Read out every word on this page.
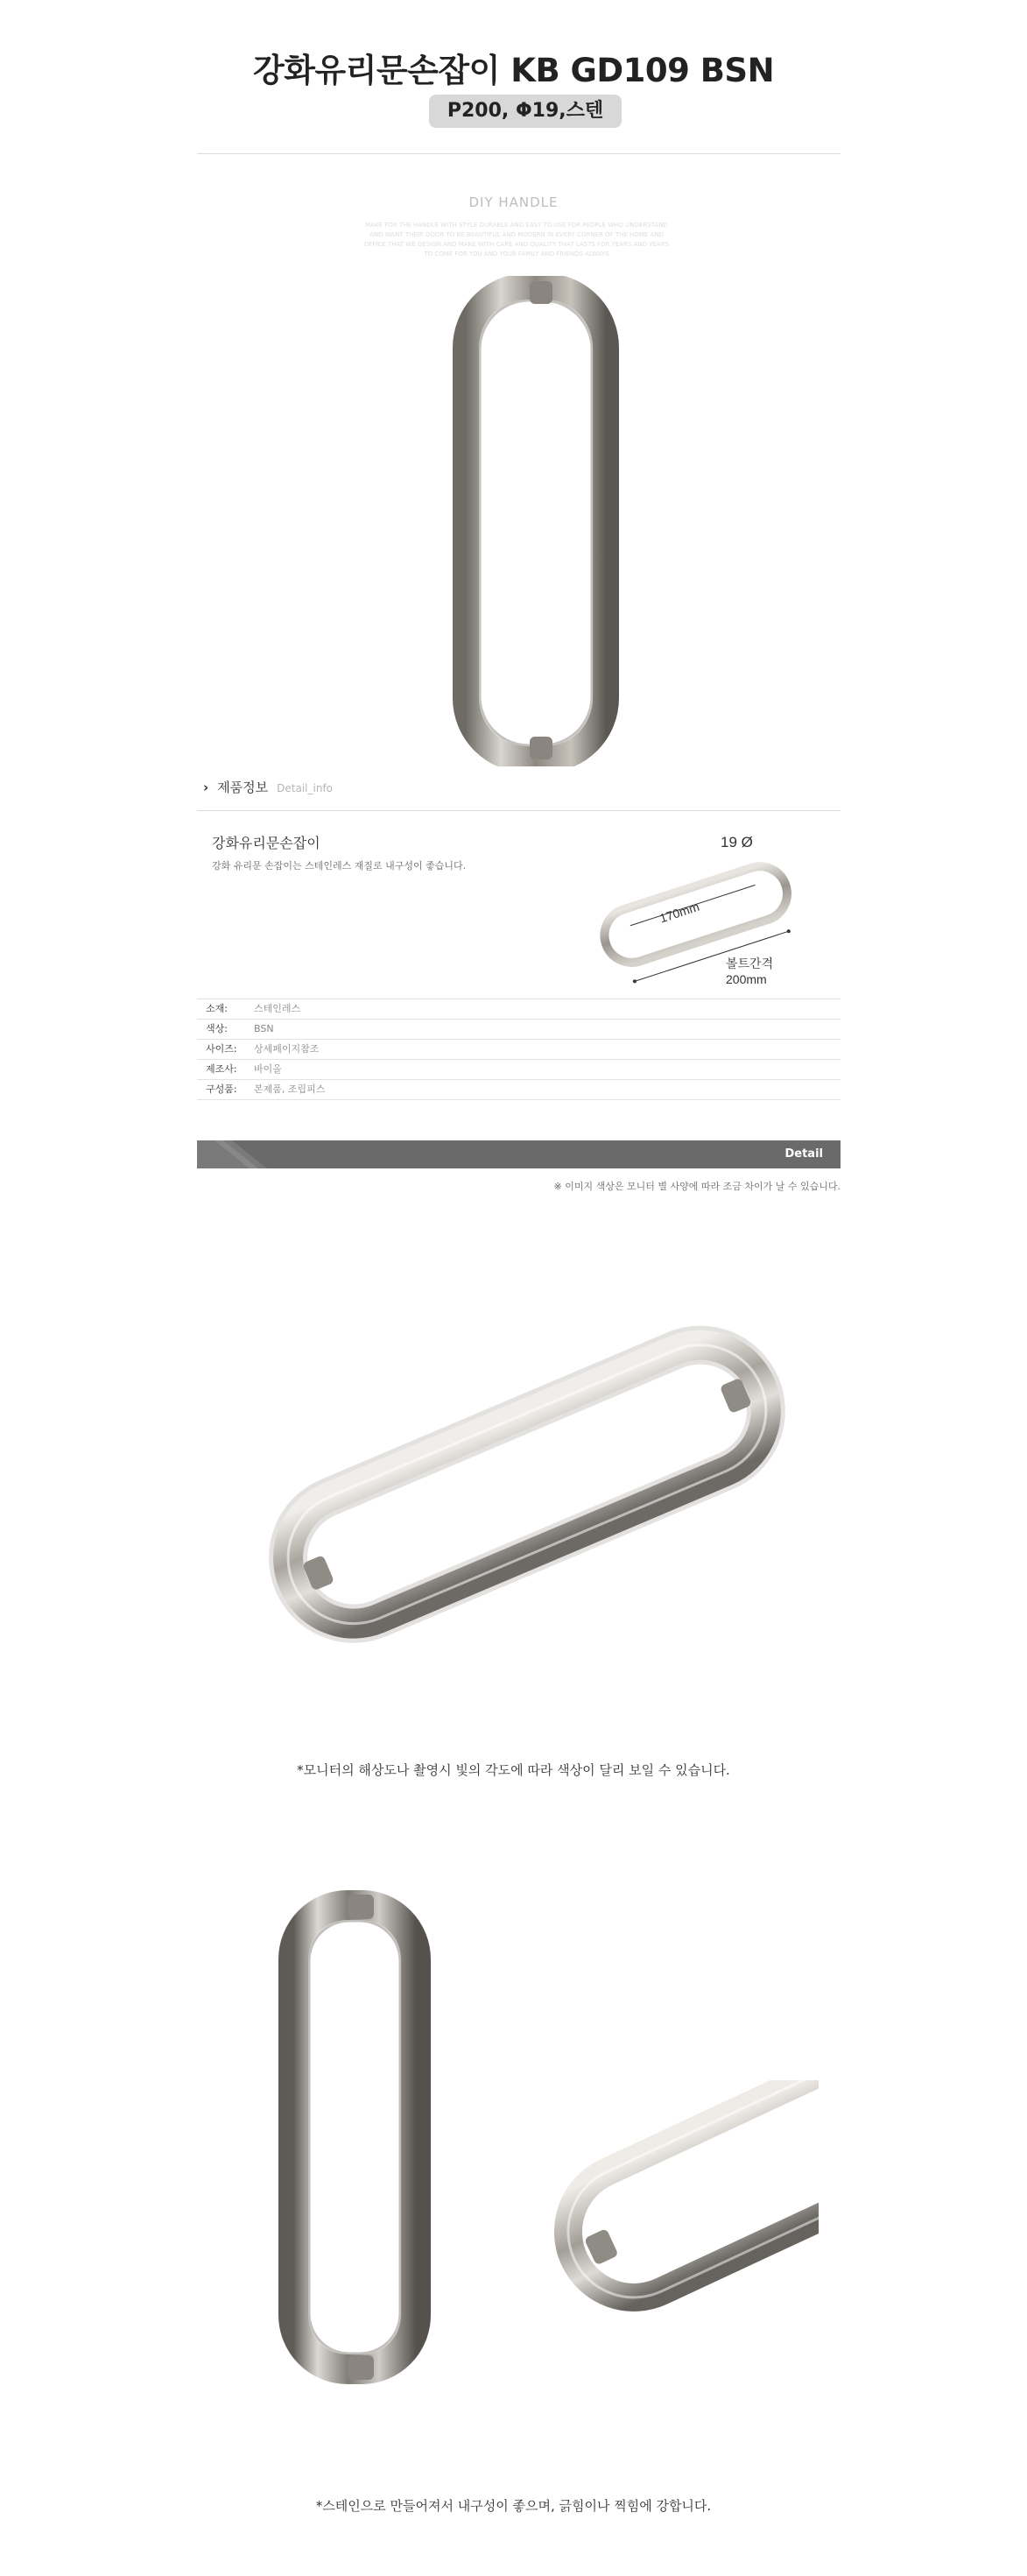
강화유리문손잡이 KB GD109 BSN
P200, Φ19,스텐
DIY HANDLE
MAKE FOR THE HANDLE WITH STYLE DURABLE AND EASY TO USE FOR PEOPLE WHO UNDERSTAND AND WANT THEIR DOOR TO BE BEAUTIFUL AND MODERN IN EVERY CORNER OF THE HOME AND OFFICE THAT WE DESIGN AND MAKE WITH CARE AND QUALITY THAT LASTS FOR YEARS AND YEARS TO COME FOR YOU AND YOUR FAMILY AND FRIENDS ALWAYS
› 제품정보 Detail_info
강화유리문손잡이
강화 유리문 손잡이는 스테인레스 재질로 내구성이 좋습니다.
19 Ø
170mm
볼트간격
200mm
소재:	스테인레스
색상:	BSN
사이즈: 상세페이지참조
제조사: 바이올
구성품: 본제품, 조립피스
Detail
※ 이미지 색상은 모니터 별 사양에 따라 조금 차이가 날 수 있습니다.
*모니터의 해상도나 촬영시 빛의 각도에 따라 색상이 달리 보일 수 있습니다.
*스테인으로 만들어져서 내구성이 좋으며, 긁힘이나 찍힘에 강합니다.
